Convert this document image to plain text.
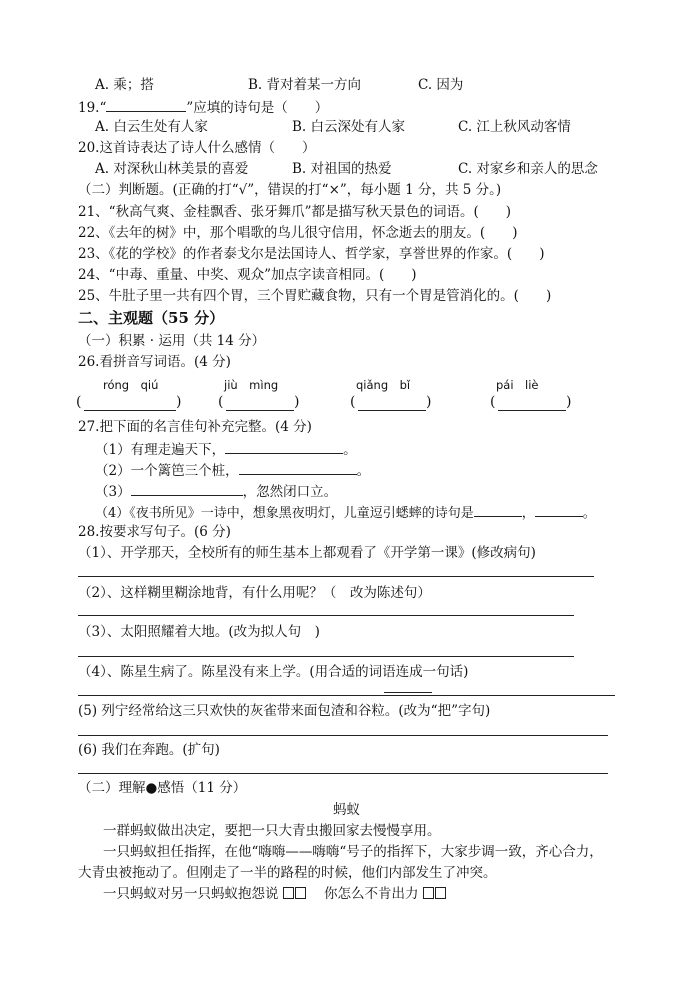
A. 乘；搭	B. 背对着某一方向	C. 因为
19.“	”应填的诗句是（　　）
A. 白云生处有人家	B. 白云深处有人家	C. 江上秋风动客情
20.这首诗表达了诗人什么感情（　　）
A. 对深秋山林美景的喜爱	B. 对祖国的热爱	C. 对家乡和亲人的思念
（二）判断题。(正确的打“√”，错误的打“×”，每小题 1 分，共 5 分。)
21、“秋高气爽、金桂飘香、张牙舞爪”都是描写秋天景色的词语。(　　)
22、《去年的树》中，那个唱歌的鸟儿很守信用，怀念逝去的朋友。(　　)
23、《花的学校》的作者泰戈尔是法国诗人、哲学家，享誉世界的作家。(　　)
24、“中毒、重量、中奖、观众”加点字读音相同。(　　)
25、牛肚子里一共有四个胃，三个胃贮藏食物，只有一个胃是管消化的。(　　)
二、主观题（55 分）
（一）积累 · 运用（共 14 分）
26.看拼音写词语。(4 分)
róng　qiú	jiù　mìng	qiǎng　bǐ	pái　liè
(	)	(	)	(	)	(	)
27.把下面的名言佳句补充完整。(4 分)
（1）有理走遍天下，	。
（2）一个篱笆三个桩，	。
（3）	，忽然闭口立。
（4）《夜书所见》一诗中，想象黑夜明灯，儿童逗引蟋蟀的诗句是	，	。
28.按要求写句子。(6 分)
（1）、开学那天，全校所有的师生基本上都观看了《开学第一课》(修改病句)
（2）、这样糊里糊涂地背，有什么用呢？（　改为陈述句）
（3）、太阳照耀着大地。(改为拟人句　)
（4）、陈星生病了。陈星没有来上学。(用合适的词语连成一句话)
(5) 列宁经常给这三只欢快的灰雀带来面包渣和谷粒。(改为“把”字句)
(6) 我们在奔跑。(扩句)
（二）理解●感悟（11 分）
蚂蚁
一群蚂蚁做出决定，要把一只大青虫搬回家去慢慢享用。
一只蚂蚁担任指挥，在他“嗨嗨——嗨嗨“号子的指挥下，大家步调一致，齐心合力，
大青虫被拖动了。但刚走了一半的路程的时候，他们内部发生了冲突。
一只蚂蚁对另一只蚂蚁抱怨说	你怎么不肯出力
